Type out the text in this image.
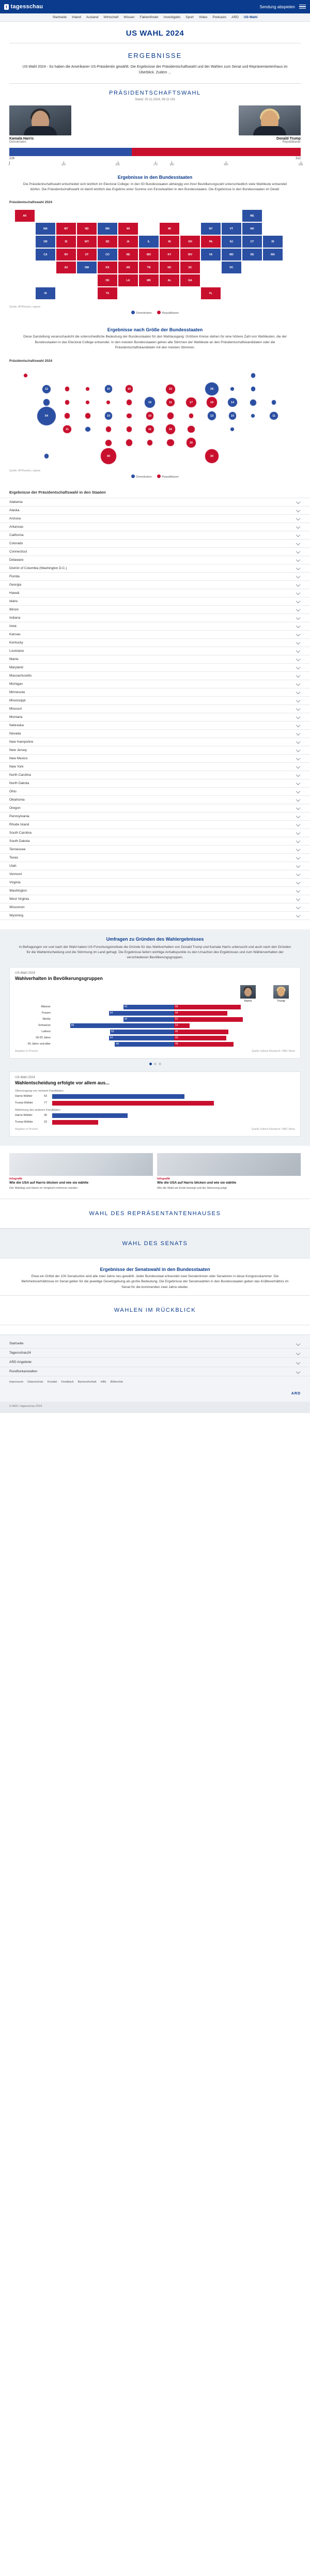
t tagesschau	Sendung abspielen
Startseite Inland Ausland Wirtschaft Wissen Faktenfinder Investigativ Sport Video Podcasts ARD US-Wahl
US WAHL 2024
ERGEBNISSE
US-Wahl 2024 - So haben die Amerikaner US-Präsidentin gewählt. Die Ergebnisse der Präsidentschaftswahl und der Wahlen zum Senat und Repräsentantenhaus im Überblick. Zudem ...
PRÄSIDENTSCHAFTSWAHL
Stand: 20.11.2024, 08:11 Uhr
Kamala Harris
Demokraten
Donald Trump
Republikaner
226	312
0	100	200	270	300	400	538
Ergebnisse in den Bundesstaaten
Die Präsidentschaftswahl entscheidet sich letztlich im Electoral College: In den 50 Bundesstaaten abhängig von ihrer Bevölkerungszahl unterschiedlich viele Wahlleute entsendet dürfen. Die Präsidentschaftswahl ist damit letztlich das Ergebnis einer Summe von Einzelwahlen in den Bundesstaaten. Die Ergebnisse in den Bundesstaaten im Detail:
Präsidentschaftswahl 2024
WA
OR
CA	NV
ID
MT
WY
UT
AZ
CO
NM
ND
SD
NE
KS
OK
TX
MN
IA
MO
AR
LA
WI
IL
MS	AL
MI
IN
KY
TN
OH
GA
FL
SC
NC
VA
WV
PA
NY	VT	NH
ME
MA
RI
CT
NJ
DE
MD
DC
AK
HI
Quelle: AP/Reuters, eigene
Demokraten	Republikaner
Ergebnisse nach Größe der Bundesstaaten
Diese Darstellung veranschaulicht die unterschiedliche Bedeutung der Bundesstaaten für den Wahlausgang: Größere Kreise stehen für eine höhere Zahl von Wahlleuten, die der Bundesstaaten in das Electoral College entsendet. In den meisten Bundesstaaten gehen alle Stimmen der Wahlleute an den Präsidentschaftskandidaten oder die Präsidentschaftskandidatin mit den meisten Stimmen.
Präsidentschaftswahl 2024
12
54
11
10
40
10
10
10
19
15
11
11
17
16
30
16
13
19
28
11
14
10
Quelle: AP/Reuters, eigene
Demokraten	Republikaner
Ergebnisse der Präsidentschaftswahl in den Staaten
Alabama
Alaska
Arizona
Arkansas
California
Colorado
Connecticut
Delaware
District of Columbia (Washington D.C.)
Florida
Georgia
Hawaii
Idaho
Illinois
Indiana
Iowa
Kansas
Kentucky
Louisiana
Maine
Maryland
Massachusetts
Michigan
Minnesota
Mississippi
Missouri
Montana
Nebraska
Nevada
New Hampshire
New Jersey
New Mexico
New York
North Carolina
North Dakota
Ohio
Oklahoma
Oregon
Pennsylvania
Rhode Island
South Carolina
South Dakota
Tennessee
Texas
Utah
Vermont
Virginia
Washington
West Virginia
Wisconsin
Wyoming
Umfragen zu Gründen des Wahlergebnisses
In Befragungen vor und nach der Wahl haben US-Forschungsinstitute die Gründe für das Wahlverhalten von Donald Trump und Kamala Harris untersucht und auch nach den Gründen für die Wahlentscheidung und die Stimmung im Land gefragt. Die Ergebnisse liefern wichtige Anhaltspunkte zu den Ursachen des Ergebnisses und zum Wählerverhalten der verschiedenen Bevölkerungsgruppen.
US-Wahl 2024
Wahlverhalten in Bevölkerungsgruppen
Harris	Trump
Männer	42	55
Frauen	54	44
Weiße	42	57
Schwarze	86	13
Latinos	53	45
18-29 Jahre	54	43
65 Jahre und älter	49	49
Angaben in Prozent	Quelle: Edison Research / NBC News
US-Wahl 2024
Wahlentscheidung erfolgte vor allem aus...
Überzeugung von meinem Kandidaten
Harris-Wähler	63
Trump-Wähler	77
Ablehnung des anderen Kandidaten
Harris-Wähler	36
Trump-Wähler	22
Angaben in Prozent	Quelle: Edison Research / NBC News
Infografik
Wie die USA auf Harris blicken und wie sie wählte
Der Wahltag und Harris im Vergleich mehrerer werden
Infografik
Wie die USA auf Harris blicken und wie sie wählte
Wie die Wahl am Ende bewegt und die Stimmung prägt
WAHL DES REPRÄSENTANTENHAUSES
WAHL DES SENATS
Ergebnisse der Senatswahl in den Bundesstaaten
Etwa ein Drittel der 100 Senatssitze wird alle zwei Jahre neu gewählt. Jeder Bundesstaat entsendet zwei Senatorinnen oder Senatoren in diese Kongresskammer. Die Mehrheitsverhältnisse im Senat gelten für die jeweilige Gesetzgebung als große Bedeutung. Die Ergebnisse der Senatswahlen in den Bundesstaaten geben das Kräfteverhältnis im Senat für die kommenden zwei Jahre wieder.
WAHLEN IM RÜCKBLICK
Startseite
Tagesschau24
ARD Angebote
Rundfunkanstalten
Impressum Datenschutz Kontakt Feedback Barrierefreiheit Hilfe Bildrechte
ARD
© ARD / tagesschau 2024
